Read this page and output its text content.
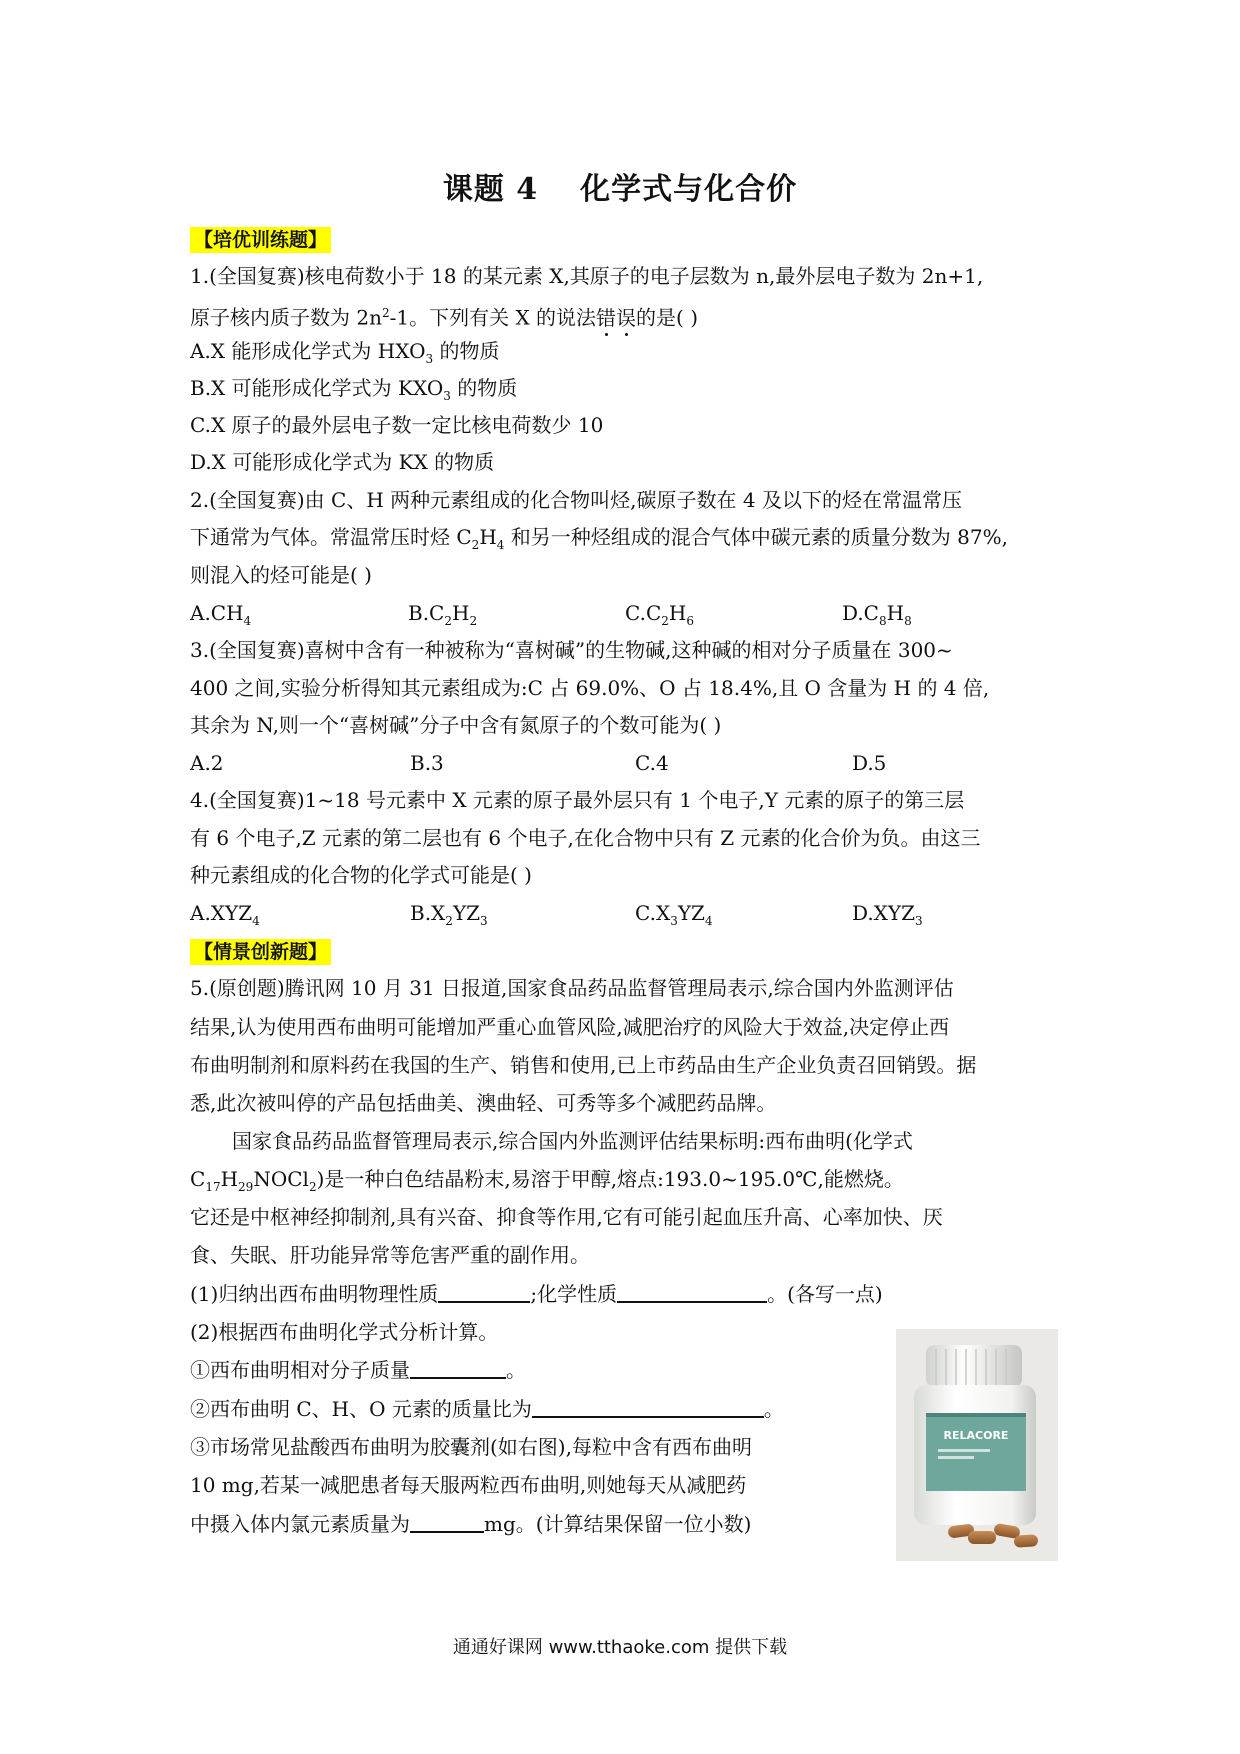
课题 4 化学式与化合价
【培优训练题】
1.(全国复赛)核电荷数小于 18 的某元素 X,其原子的电子层数为 n,最外层电子数为 2n+1,
原子核内质子数为 $2n^2-1$。下列有关 X 的说法错误的是( )
A.X 能形成化学式为 $HXO_3$ 的物质
B.X 可能形成化学式为 $KXO_3$ 的物质
C.X 原子的最外层电子数一定比核电荷数少 10
D.X 可能形成化学式为 KX 的物质
2.(全国复赛)由 C、H 两种元素组成的化合物叫烃,碳原子数在 4 及以下的烃在常温常压
下通常为气体。常温常压时烃 $C_2H_4$ 和另一种烃组成的混合气体中碳元素的质量分数为 87%,
则混入的烃可能是( )
$A.CH_4$	$B.C_2H_2$	$C.C_2H_6$	$D.C_8H_8$
3.(全国复赛)喜树中含有一种被称为“喜树碱”的生物碱,这种碱的相对分子质量在 300~
400 之间,实验分析得知其元素组成为:C 占 69.0%、O 占 18.4%,且 O 含量为 H 的 4 倍,
其余为 N,则一个“喜树碱”分子中含有氮原子的个数可能为( )
A.2	B.3	C.4	D.5
4.(全国复赛)1~18 号元素中 X 元素的原子最外层只有 1 个电子,Y 元素的原子的第三层
有 6 个电子,Z 元素的第二层也有 6 个电子,在化合物中只有 Z 元素的化合价为负。由这三
种元素组成的化合物的化学式可能是( )
$A.XYZ_4$	$B.X_2YZ_3$	$C.X_3YZ_4$	$D.XYZ_3$
【情景创新题】
5.(原创题)腾讯网 10 月 31 日报道,国家食品药品监督管理局表示,综合国内外监测评估
结果,认为使用西布曲明可能增加严重心血管风险,减肥治疗的风险大于效益,决定停止西
布曲明制剂和原料药在我国的生产、销售和使用,已上市药品由生产企业负责召回销毁。据
悉,此次被叫停的产品包括曲美、澳曲轻、可秀等多个减肥药品牌。
国家食品药品监督管理局表示,综合国内外监测评估结果标明:西布曲明(化学式
$C_{17}H_{29}NOCl_2$)是一种白色结晶粉末,易溶于甲醇,熔点:193.0~195.0℃,能燃烧。
它还是中枢神经抑制剂,具有兴奋、抑食等作用,它有可能引起血压升高、心率加快、厌
食、失眠、肝功能异常等危害严重的副作用。
(1)归纳出西布曲明物理性质	;化学性质	。(各写一点)
(2)根据西布曲明化学式分析计算。
①西布曲明相对分子质量	。
②西布曲明 C、H、O 元素的质量比为	。
③市场常见盐酸西布曲明为胶囊剂(如右图),每粒中含有西布曲明
10 mg,若某一减肥患者每天服两粒西布曲明,则她每天从减肥药
中摄入体内氯元素质量为	mg。(计算结果保留一位小数)
RELACORE
通通好课网 www.tthaoke.com 提供下载
